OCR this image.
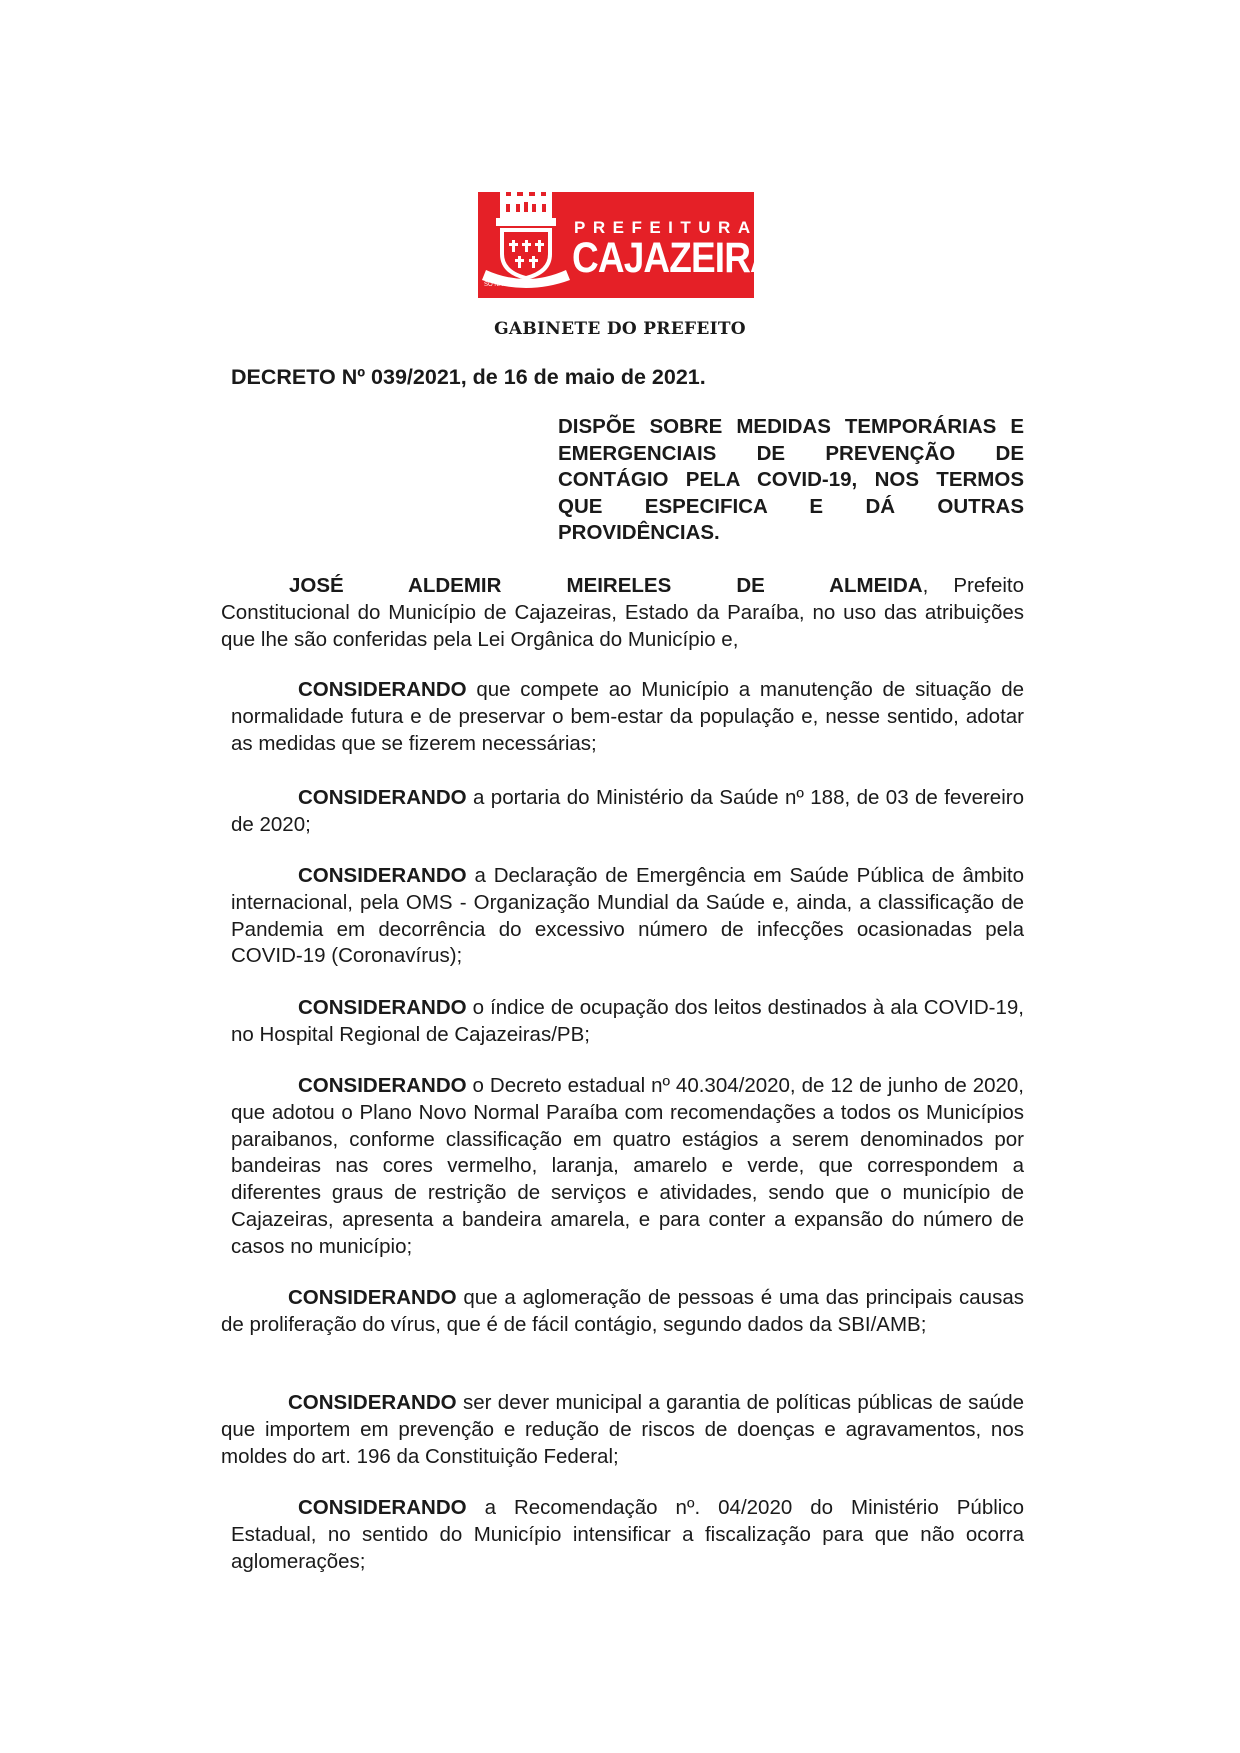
PREFEITURA DE
CAJAZEIRAS
SÓ NÃO CORAJOSOS
GABINETE DO PREFEITO
DECRETO Nº 039/2021, de 16 de maio de 2021.
DISPÕE SOBRE MEDIDAS TEMPORÁRIAS E EMERGENCIAIS DE PREVENÇÃO DE CONTÁGIO PELA COVID-19, NOS TERMOS QUE ESPECIFICA E DÁ OUTRAS PROVIDÊNCIAS.
JOSÉ ALDEMIR MEIRELES DE ALMEIDA, Prefeito Constitucional do Município de Cajazeiras, Estado da Paraíba, no uso das atribuições que lhe são conferidas pela Lei Orgânica do Município e,
CONSIDERANDO que compete ao Município a manutenção de situação de normalidade futura e de preservar o bem-estar da população e, nesse sentido, adotar as medidas que se fizerem necessárias;
CONSIDERANDO a portaria do Ministério da Saúde nº 188, de 03 de fevereiro de 2020;
CONSIDERANDO a Declaração de Emergência em Saúde Pública de âmbito internacional, pela OMS - Organização Mundial da Saúde e, ainda, a classificação de Pandemia em decorrência do excessivo número de infecções ocasionadas pela COVID-19 (Coronavírus);
CONSIDERANDO o índice de ocupação dos leitos destinados à ala COVID-19, no Hospital Regional de Cajazeiras/PB;
CONSIDERANDO o Decreto estadual nº 40.304/2020, de 12 de junho de 2020, que adotou o Plano Novo Normal Paraíba com recomendações a todos os Municípios paraibanos, conforme classificação em quatro estágios a serem denominados por bandeiras nas cores vermelho, laranja, amarelo e verde, que correspondem a diferentes graus de restrição de serviços e atividades, sendo que o município de Cajazeiras, apresenta a bandeira amarela, e para conter a expansão do número de casos no município;
CONSIDERANDO que a aglomeração de pessoas é uma das principais causas de proliferação do vírus, que é de fácil contágio, segundo dados da SBI/AMB;
CONSIDERANDO ser dever municipal a garantia de políticas públicas de saúde que importem em prevenção e redução de riscos de doenças e agravamentos, nos moldes do art. 196 da Constituição Federal;
CONSIDERANDO a Recomendação nº. 04/2020 do Ministério Público Estadual, no sentido do Município intensificar a fiscalização para que não ocorra aglomerações;
